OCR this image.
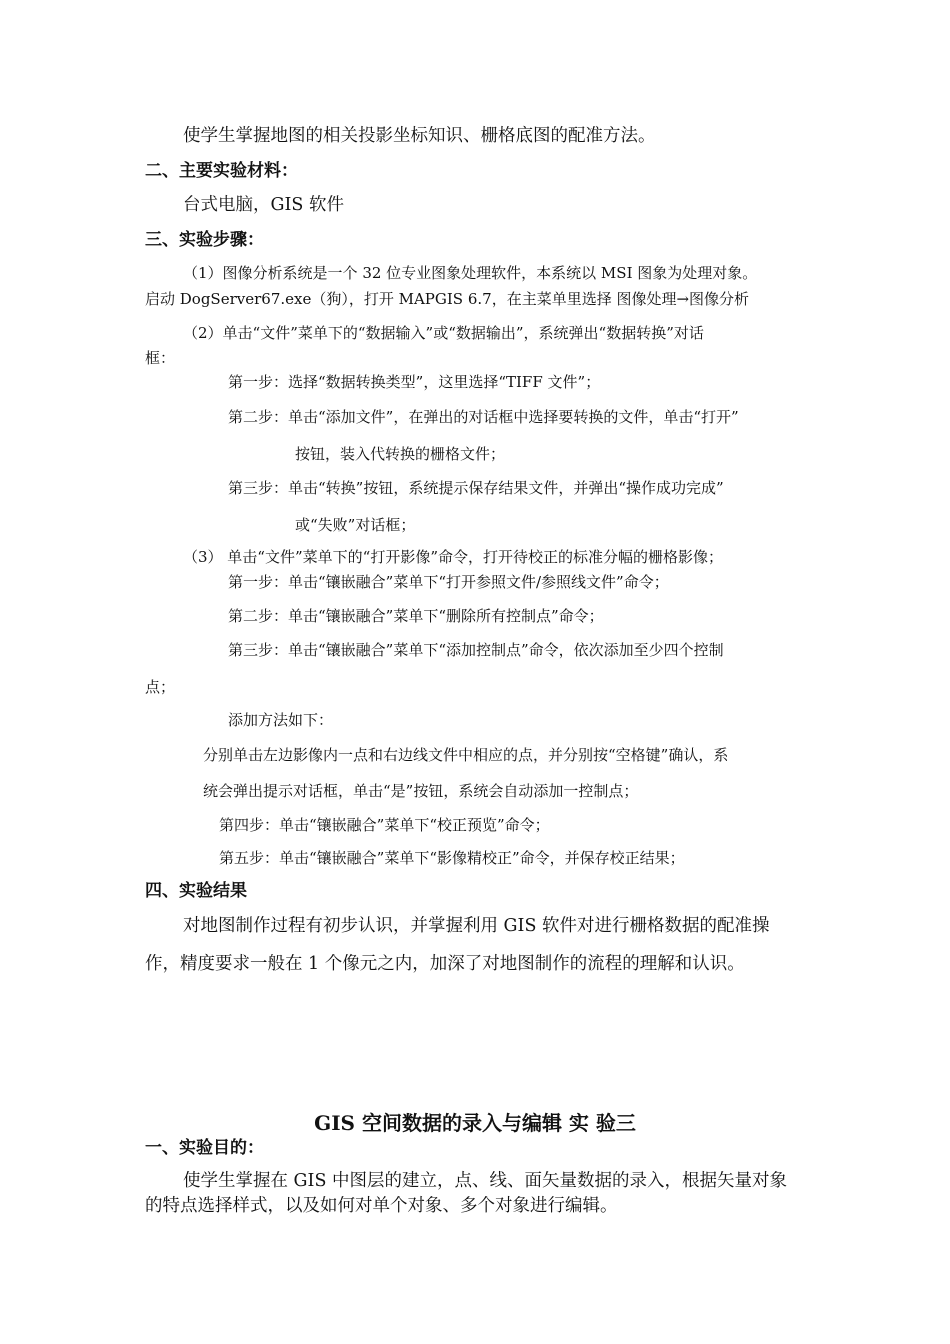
使学生掌握地图的相关投影坐标知识、栅格底图的配准方法。
二、主要实验材料：
台式电脑，GIS 软件
三、实验步骤：
（1）图像分析系统是一个 32 位专业图象处理软件，本系统以 MSI 图象为处理对象。
启动 DogServer67.exe（狗），打开 MAPGIS 6.7，在主菜单里选择 图像处理→图像分析
（2）单击“文件”菜单下的“数据输入”或“数据输出”，系统弹出“数据转换”对话
框：
第一步：选择“数据转换类型”，这里选择“TIFF 文件”；
第二步：单击“添加文件”，在弹出的对话框中选择要转换的文件，单击“打开”
按钮，装入代转换的栅格文件；
第三步：单击“转换”按钮，系统提示保存结果文件，并弹出“操作成功完成”
或“失败”对话框；
（3） 单击“文件”菜单下的“打开影像”命令，打开待校正的标准分幅的栅格影像；
第一步：单击“镶嵌融合”菜单下“打开参照文件/参照线文件”命令；
第二步：单击“镶嵌融合”菜单下“删除所有控制点”命令；
第三步：单击“镶嵌融合”菜单下“添加控制点”命令，依次添加至少四个控制
点；
添加方法如下：
分别单击左边影像内一点和右边线文件中相应的点，并分别按“空格键”确认，系
统会弹出提示对话框，单击“是”按钮，系统会自动添加一控制点；
第四步：单击“镶嵌融合”菜单下“校正预览”命令；
第五步：单击“镶嵌融合”菜单下“影像精校正”命令，并保存校正结果；
四、实验结果
对地图制作过程有初步认识，并掌握利用 GIS 软件对进行栅格数据的配准操
作，精度要求一般在 1 个像元之内，加深了对地图制作的流程的理解和认识。
GIS 空间数据的录入与编辑 实 验三
一、实验目的：
使学生掌握在 GIS 中图层的建立，点、线、面矢量数据的录入，根据矢量对象
的特点选择样式，以及如何对单个对象、多个对象进行编辑。
